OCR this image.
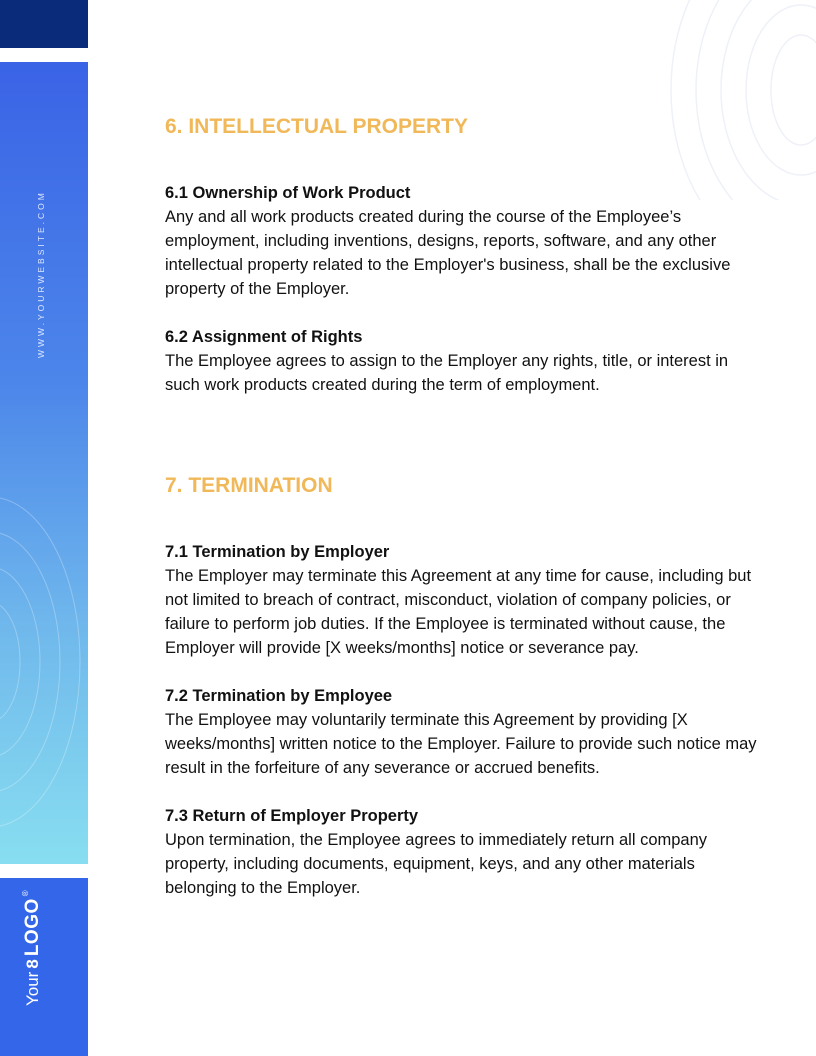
WWW.YOURWEBSITE.COM
Your
8
LOGO
®
6. INTELLECTUAL PROPERTY

6.1 Ownership of Work Product

Any and all work products created during the course of the Employee’s employment, including inventions, designs, reports, software, and any other intellectual property related to the Employer's business, shall be the exclusive property of the Employer.

6.2 Assignment of Rights

The Employee agrees to assign to the Employer any rights, title, or interest in such work products created during the term of employment.

7. TERMINATION

7.1 Termination by Employer

The Employer may terminate this Agreement at any time for cause, including but not limited to breach of contract, misconduct, violation of company policies, or failure to perform job duties. If the Employee is terminated without cause, the Employer will provide [X weeks/months] notice or severance pay.

7.2 Termination by Employee

The Employee may voluntarily terminate this Agreement by providing [X weeks/months] written notice to the Employer. Failure to provide such notice may result in the forfeiture of any severance or accrued benefits.

7.3 Return of Employer Property

Upon termination, the Employee agrees to immediately return all company property, including documents, equipment, keys, and any other materials belonging to the Employer.
